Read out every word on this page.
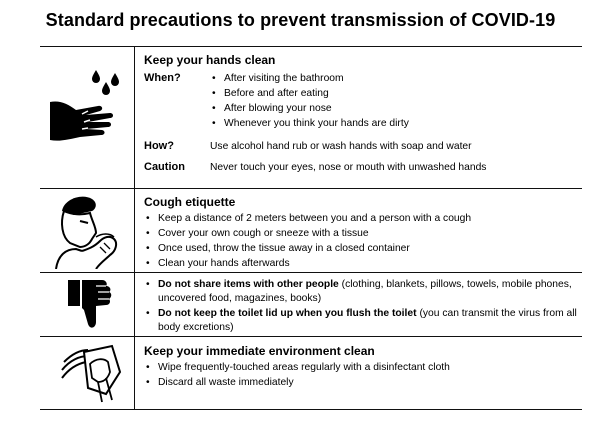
Standard precautions to prevent transmission of COVID-19
Keep your hands clean
When?
•	After visiting the bathroom
• Before and after eating
• After blowing your nose
• Whenever you think your hands are dirty
How?	Use alcohol hand rub or wash hands with soap and water
Caution	Never touch your eyes, nose or mouth with unwashed hands
Cough etiquette
• Keep a distance of 2 meters between you and a person with a cough
• Cover your own cough or sneeze with a tissue
• Once used, throw the tissue away in a closed container
• Clean your hands afterwards
• Do not share items with other people (clothing, blankets, pillows, towels, mobile phones, uncovered food, magazines, books)
• Do not keep the toilet lid up when you flush the toilet (you can transmit the virus from all body excretions)
Keep your immediate environment clean
• Wipe frequently-touched areas regularly with a disinfectant cloth
• Discard all waste immediately
